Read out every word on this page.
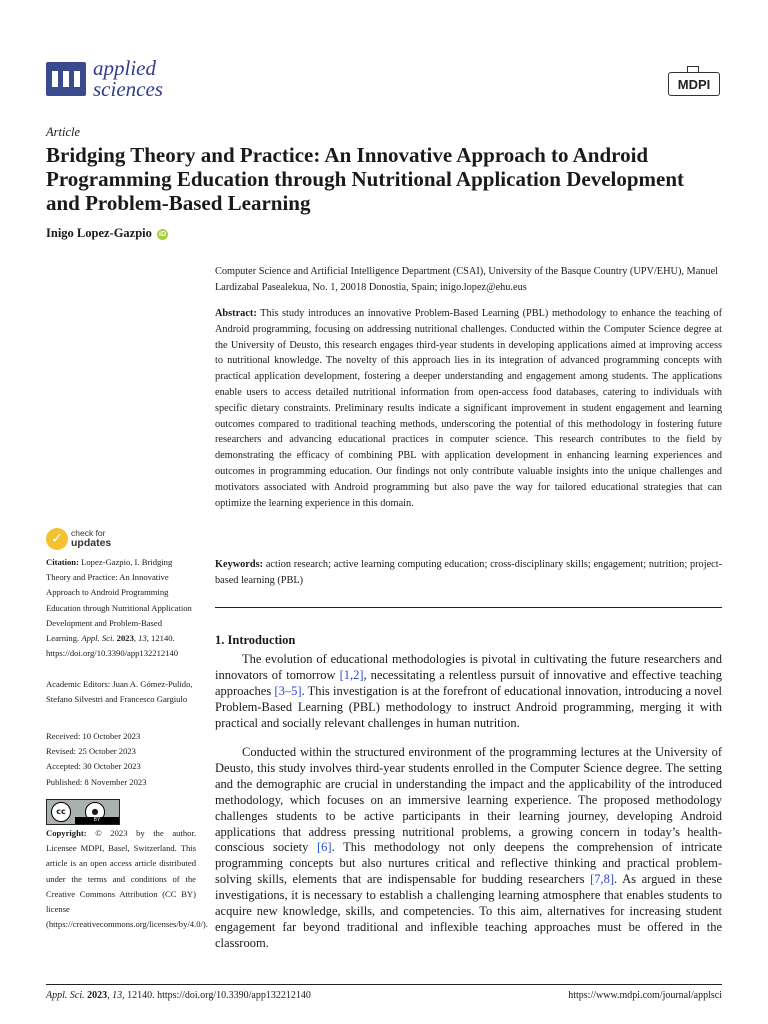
applied
sciences	MDPI
Article
Bridging Theory and Practice: An Innovative Approach to Android Programming Education through Nutritional Application Development and Problem-Based Learning
Inigo Lopez-Gazpio iD
Computer Science and Artificial Intelligence Department (CSAI), University of the Basque Country (UPV/EHU), Manuel Lardizabal Pasealekua, No. 1, 20018 Donostia, Spain; inigo.lopez@ehu.eus
Abstract: This study introduces an innovative Problem-Based Learning (PBL) methodology to enhance the teaching of Android programming, focusing on addressing nutritional challenges. Conducted within the Computer Science degree at the University of Deusto, this research engages third-year students in developing applications aimed at improving access to nutritional knowledge. The novelty of this approach lies in its integration of advanced programming concepts with practical application development, fostering a deeper understanding and engagement among students. The applications enable users to access detailed nutritional information from open-access food databases, catering to individuals with specific dietary constraints. Preliminary results indicate a significant improvement in student engagement and learning outcomes compared to traditional teaching methods, underscoring the potential of this methodology in fostering future researchers and advancing educational practices in computer science. This research contributes to the field by demonstrating the efficacy of combining PBL with application development in enhancing learning experiences and outcomes in programming education. Our findings not only contribute valuable insights into the unique challenges and motivators associated with Android programming but also pave the way for tailored educational strategies that can optimize the learning experience in this domain.
Keywords: action research; active learning computing education; cross-disciplinary skills; engagement; nutrition; project-based learning (PBL)
1. Introduction
The evolution of educational methodologies is pivotal in cultivating the future researchers and innovators of tomorrow [1,2], necessitating a relentless pursuit of innovative and effective teaching approaches [3–5]. This investigation is at the forefront of educational innovation, introducing a novel Problem-Based Learning (PBL) methodology to instruct Android programming, merging it with practical and socially relevant challenges in human nutrition.
Conducted within the structured environment of the programming lectures at the University of Deusto, this study involves third-year students enrolled in the Computer Science degree. The setting and the demographic are crucial in understanding the impact and the applicability of the introduced methodology, which focuses on an immersive learning experience. The proposed methodology challenges students to be active participants in their learning journey, developing Android applications that address pressing nutritional problems, a growing concern in today’s health-conscious society [6]. This methodology not only deepens the comprehension of intricate programming concepts but also nurtures critical and reflective thinking and practical problem-solving skills, elements that are indispensable for budding researchers [7,8]. As argued in these investigations, it is necessary to establish a challenging learning atmosphere that enables students to acquire new knowledge, skills, and competencies. To this aim, alternatives for increasing student engagement far beyond traditional and inflexible teaching approaches must be offered in the classroom.
✓ check for
updates
Citation: Lopez-Gazpio, I. Bridging Theory and Practice: An Innovative Approach to Android Programming Education through Nutritional Application Development and Problem-Based Learning. Appl. Sci. 2023, 13, 12140. https://doi.org/10.3390/app132212140
Academic Editors: Juan A. Gómez-Pulido, Stefano Silvestri and Francesco Gargiulo
Received: 10 October 2023
Revised: 25 October 2023
Accepted: 30 October 2023
Published: 8 November 2023
cc	●
BY
Copyright: © 2023 by the author. Licensee MDPI, Basel, Switzerland. This article is an open access article distributed under the terms and conditions of the Creative Commons Attribution (CC BY) license (https://creativecommons.org/licenses/by/4.0/).
Appl. Sci. 2023, 13, 12140. https://doi.org/10.3390/app132212140	https://www.mdpi.com/journal/applsci
